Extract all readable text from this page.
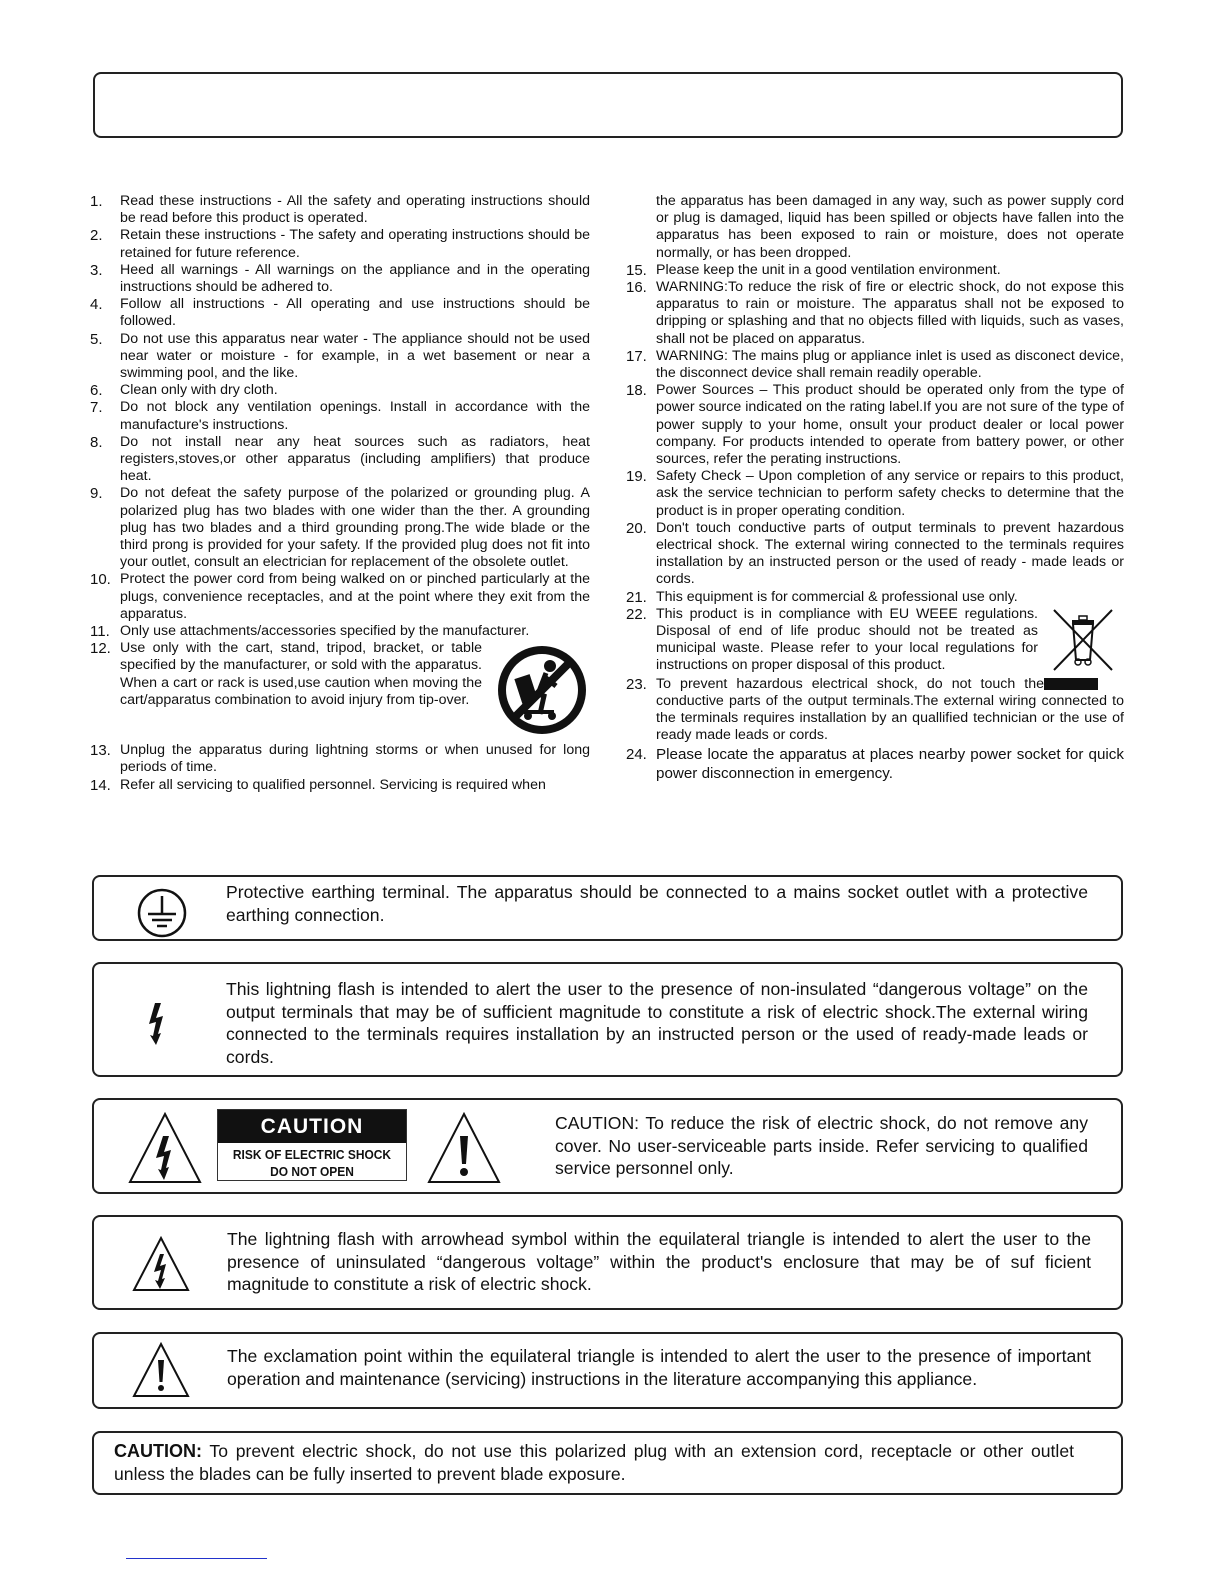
1.	Read these instructions - All the safety and operating instructions should be read before this product is operated.
2.	Retain these instructions - The safety and operating instructions should be retained for future reference.
3.	Heed all warnings - All warnings on the appliance and in the operating instructions should be adhered to.
4.	Follow all instructions - All operating and use instructions should be followed.
5.	Do not use this apparatus near water - The appliance should not be used near water or moisture - for example, in a wet basement or near a swimming pool, and the like.
6.	Clean only with dry cloth.
7.	Do not block any ventilation openings. Install in accordance with the manufacture's instructions.
8.	Do not install near any heat sources such as radiators, heat registers,stoves,or other apparatus (including amplifiers) that produce heat.
9.	Do not defeat the safety purpose of the polarized or grounding plug. A polarized plug has two blades with one wider than the ther. A grounding plug has two blades and a third grounding prong.The wide blade or the third prong is provided for your safety. If the provided plug does not fit into your outlet, consult an electrician for replacement of the obsolete outlet.
10. Protect the power cord from being walked on or pinched particularly at the plugs, convenience receptacles, and at the point where they exit from the apparatus.
11. Only use attachments/accessories specified by the manufacturer.
12. Use only with the cart, stand, tripod, bracket, or table specified by the manufacturer, or sold with the apparatus. When a cart or rack is used,use caution when moving the cart/apparatus combination to avoid injury from tip-over.
13. Unplug the apparatus during lightning storms or when unused for long periods of time.
14. Refer all servicing to qualified personnel. Servicing is required when
the apparatus has been damaged in any way, such as power supply cord or plug is damaged, liquid has been spilled or objects have fallen into the apparatus has been exposed to rain or moisture, does not operate normally, or has been dropped.
15. Please keep the unit in a good ventilation environment.
16. WARNING:To reduce the risk of fire or electric shock, do not expose this apparatus to rain or moisture. The apparatus shall not be exposed to dripping or splashing and that no objects filled with liquids, such as vases, shall not be placed on apparatus.
17. WARNING: The mains plug or appliance inlet is used as disconect device, the disconnect device shall remain readily operable.
18. Power Sources – This product should be operated only from the type of power source indicated on the rating label.If you are not sure of the type of power supply to your home, onsult your product dealer or local power company. For products intended to operate from battery power, or other sources, refer the perating instructions.
19. Safety Check – Upon completion of any service or repairs to this product, ask the service technician to perform safety checks to determine that the product is in proper operating condition.
20. Don't touch conductive parts of output terminals to prevent hazardous electrical shock. The external wiring connected to the terminals requires installation by an instructed person or the used of ready - made leads or cords.
21. This equipment is for commercial & professional use only.
22. This product is in compliance with EU WEEE regulations. Disposal of end of life produc should not be treated as municipal waste. Please refer to your local regulations for instructions on proper disposal of this product.
23. To prevent hazardous electrical shock, do not touch the conductive parts of the output terminals.The external wiring connected to the terminals requires installation by an quallified technician or the use of ready made leads or cords.
24. Please locate the apparatus at places nearby power socket for quick power disconnection in emergency.
Protective earthing terminal. The apparatus should be connected to a mains socket outlet with a protective earthing connection.
This lightning flash is intended to alert the user to the presence of non-insulated “dangerous voltage” on the output terminals that may be of sufficient magnitude to constitute a risk of electric shock.The external wiring connected to the terminals requires installation by an instructed person or the used of ready-made leads or cords.
CAUTION: To reduce the risk of electric shock, do not remove any cover. No user-serviceable parts inside. Refer servicing to qualified service personnel only.
CAUTION
RISK OF ELECTRIC SHOCK
DO NOT OPEN
The lightning flash with arrowhead symbol within the equilateral triangle is intended to alert the user to the presence of uninsulated “dangerous voltage” within the product's enclosure that may be of suf ficient magnitude to constitute a risk of electric shock.
The exclamation point within the equilateral triangle is intended to alert the user to the presence of important operation and maintenance (servicing) instructions in the literature accompanying this appliance.
CAUTION: To prevent electric shock, do not use this polarized plug with an extension cord, receptacle or other outlet unless the blades can be fully inserted to prevent blade exposure.
